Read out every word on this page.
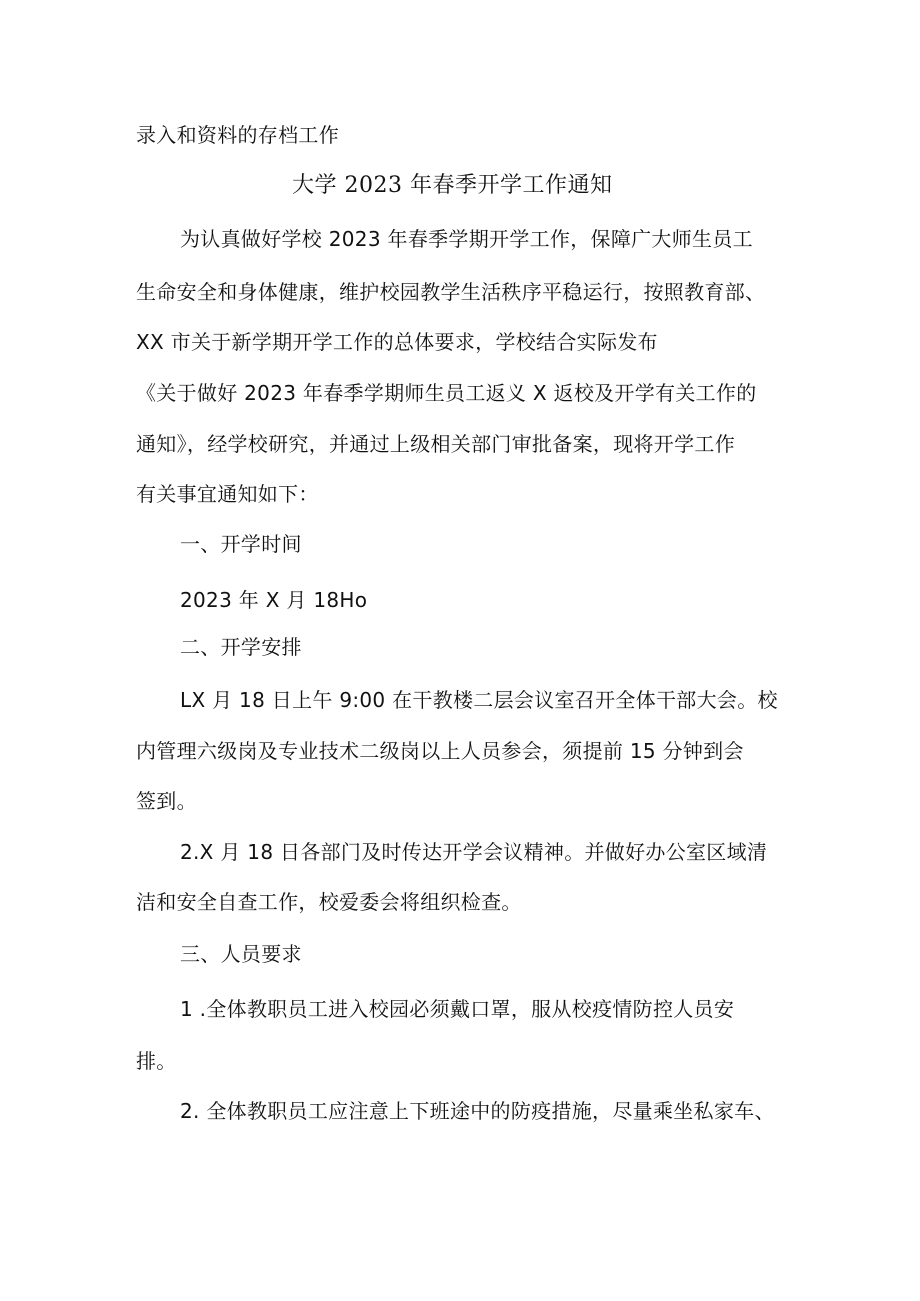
录入和资料的存档工作
大学 2023 年春季开学工作通知
为认真做好学校 2023 年春季学期开学工作，保障广大师生员工
生命安全和身体健康，维护校园教学生活秩序平稳运行，按照教育部、
XX 市关于新学期开学工作的总体要求，学校结合实际发布
《关于做好 2023 年春季学期师生员工返义 X 返校及开学有关工作的
通知》，经学校研究，并通过上级相关部门审批备案，现将开学工作
有关事宜通知如下：
一、开学时间
2023 年 X 月 18Ho
二、开学安排
LX 月 18 日上午 9:00 在干教楼二层会议室召开全体干部大会。校
内管理六级岗及专业技术二级岗以上人员参会，须提前 15 分钟到会
签到。
2.X 月 18 日各部门及时传达开学会议精神。并做好办公室区域清
洁和安全自查工作，校爱委会将组织检查。
三、人员要求
1 .全体教职员工进入校园必须戴口罩，服从校疫情防控人员安
排。
2. 全体教职员工应注意上下班途中的防疫措施，尽量乘坐私家车、
